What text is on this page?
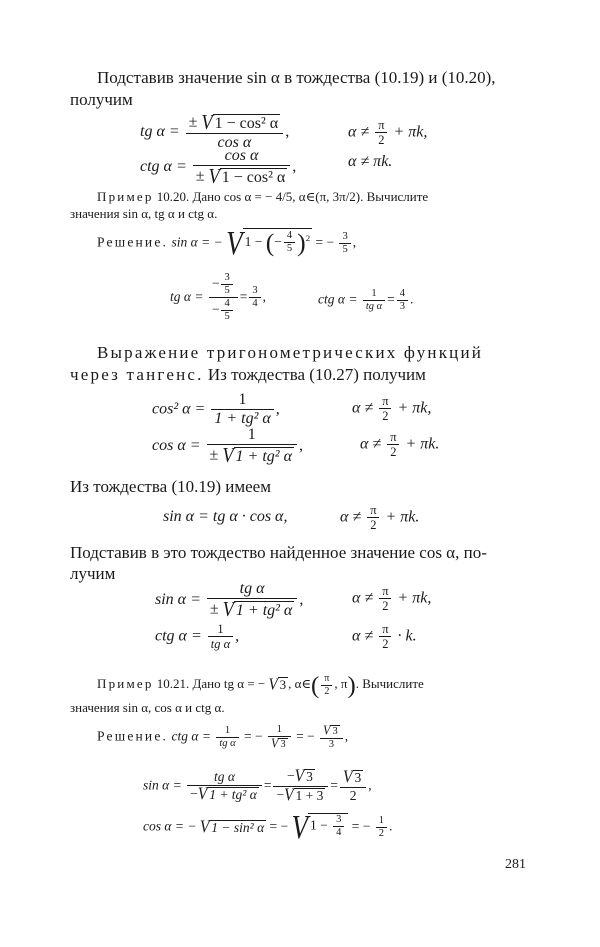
Подставив значение sin α в тождества (10.19) и (10.20),
получим
tg $\alpha = \frac{\text{± V 1 − cos² α}}{\text{cos α}}$ ,	$\alpha \ne \frac{\pi}{2} + \pi k$,
ctg $\alpha = \frac{\text{cos α}}{\text{± V 1 − cos² α}}$ ,	α ≠ πk.
Пример 10.20. Дано cos α = − 4/5, α∈(π, 3π/2). Вычислите
значения sin α, tg α и ctg α.
Решение. sin α = − V 1 − (− $\frac{4}{5} )^2$ = − $\frac{3}{5}$ ,
tg $\alpha = \frac{- \frac{3}{5}}{- \frac{4}{5}} = \frac{3}{4}$ ,	ctg $\alpha = \frac{1}{\text{tg α}} = \frac{4}{3}$ .
Выражение тригонометрических функций
через тангенс. Из тождества (10.27) получим
cos² $\alpha = \frac{1}{\text{1 + tg² α}}$ ,	$\alpha \ne \frac{\pi}{2} + \pi k$,
$\cos \alpha = \frac{1}{\text{± V 1 + tg² α}}$ ,	$\alpha \ne \frac{\pi}{2} + \pi k$.
Из тождества (10.19) имеем
sin α = tg α · cos α,	$\alpha \ne \frac{\pi}{2} + \pi k$.
Подставив в это тождество найденное значение cos α, по-
лучим
$\sin \alpha = \frac{\text{tg α}}{\text{± V 1 + tg² α}}$ ,	$\alpha \ne \frac{\pi}{2} + \pi k$,
ctg $\alpha = \frac{1}{\text{tg α}}$ ,	$\alpha \ne \frac{\pi}{2} \cdot k$.
Пример 10.21. Дано tg α = − V 3 , α∈( $\frac{\pi}{2}$ , π). Вычислите
значения sin α, cos α и ctg α.
Решение. ctg $\alpha = \frac{1}{\text{tg α}}$ = − $\frac{1}{V 3}$ = − $\frac{V 3}{3}$ ,
$\sin \alpha = \frac{\text{tg α}}{\text{−V 1 + tg² α}} = \frac{-V 3}{-V 1 + 3} = \frac{V 3}{2}$ ,
cos α = − V 1 − sin² α = − V $1 - \frac{3}{4}$ = − $\frac{1}{2}$ .
281
